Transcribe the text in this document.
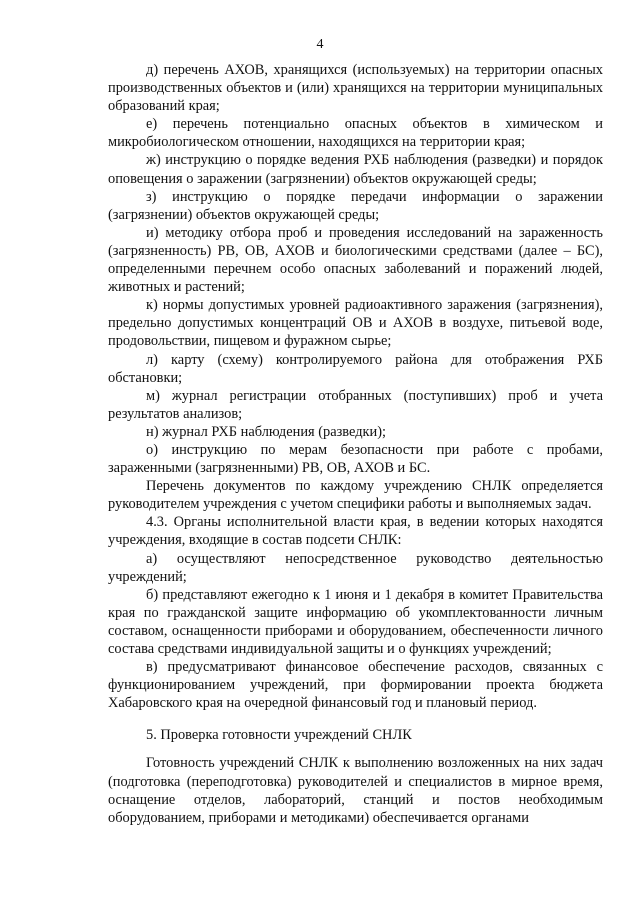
4

д) перечень АХОВ, хранящихся (используемых) на территории опасных производственных объектов и (или) хранящихся на территории муниципальных образований края;

е) перечень потенциально опасных объектов в химическом и микробиологическом отношении, находящихся на территории края;

ж) инструкцию о порядке ведения РХБ наблюдения (разведки) и порядок оповещения о заражении (загрязнении) объектов окружающей среды;

з) инструкцию о порядке передачи информации о заражении (загрязнении) объектов окружающей среды;

и) методику отбора проб и проведения исследований на зараженность (загрязненность) РВ, ОВ, АХОВ и биологическими средствами (далее – БС), определенными перечнем особо опасных заболеваний и поражений людей, животных и растений;

к) нормы допустимых уровней радиоактивного заражения (загрязнения), предельно допустимых концентраций ОВ и АХОВ в воздухе, питьевой воде, продовольствии, пищевом и фуражном сырье;

л) карту (схему) контролируемого района для отображения РХБ обстановки;

м) журнал регистрации отобранных (поступивших) проб и учета результатов анализов;

н) журнал РХБ наблюдения (разведки);

о) инструкцию по мерам безопасности при работе с пробами, зараженными (загрязненными) РВ, ОВ, АХОВ и БС.

Перечень документов по каждому учреждению СНЛК определяется руководителем учреждения с учетом специфики работы и выполняемых задач.

4.3. Органы исполнительной власти края, в ведении которых находятся учреждения, входящие в состав подсети СНЛК:

а) осуществляют непосредственное руководство деятельностью учреждений;

б) представляют ежегодно к 1 июня и 1 декабря в комитет Правительства края по гражданской защите информацию об укомплектованности личным составом, оснащенности приборами и оборудованием, обеспеченности личного состава средствами индивидуальной защиты и о функциях учреждений;

в) предусматривают финансовое обеспечение расходов, связанных с функционированием учреждений, при формировании проекта бюджета Хабаровского края на очередной финансовый год и плановый период.

5. Проверка готовности учреждений СНЛК

Готовность учреждений СНЛК к выполнению возложенных на них задач (подготовка (переподготовка) руководителей и специалистов в мирное время, оснащение отделов, лабораторий, станций и постов необходимым оборудованием, приборами и методиками) обеспечивается органами
